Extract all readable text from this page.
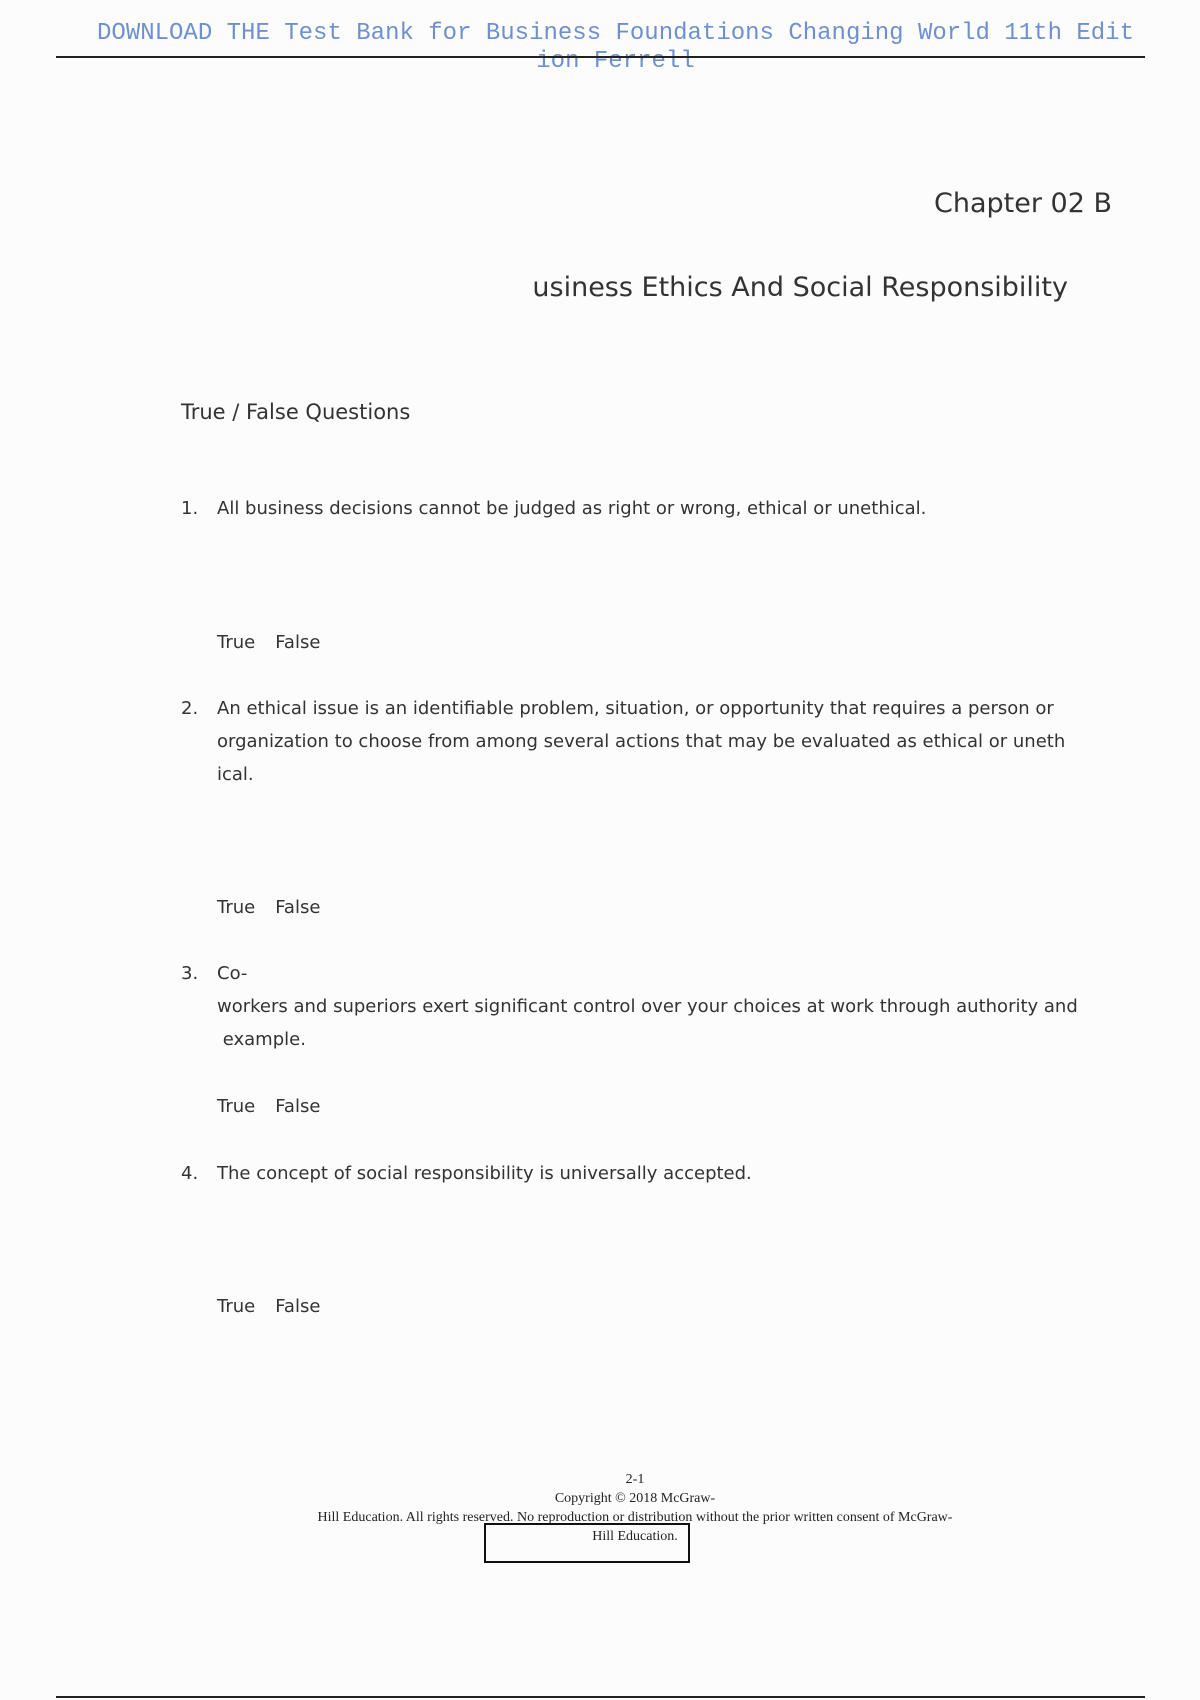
DOWNLOAD THE Test Bank for Business Foundations Changing World 11th Edit
ion Ferrell
Chapter 02 B
usiness Ethics And Social Responsibility
True / False Questions
1. All business decisions cannot be judged as right or wrong, ethical or unethical.
True False
2. An ethical issue is an identifiable problem, situation, or opportunity that requires a person or
organization to choose from among several actions that may be evaluated as ethical or uneth
ical.
True False
3. Co-
workers and superiors exert significant control over your choices at work through authority and
example.
True False
4. The concept of social responsibility is universally accepted.
True False
2-1
Copyright © 2018 McGraw-
Hill Education. All rights reserved. No reproduction or distribution without the prior written consent of McGraw-
Hill Education.
